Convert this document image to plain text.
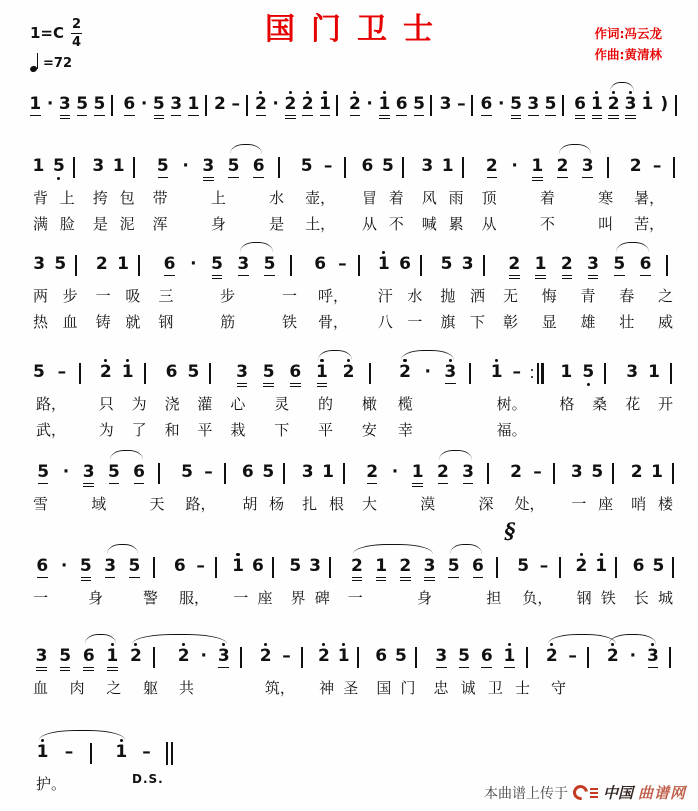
$1=C \frac{2}{4}$
=72
国门卫士	作词:冯云龙
作曲:黄清林
1 · 3 5 5 6 · 5 3 1 2 – 2 · 2 2 1 2 · 1 6 5 3 – 6 · 5 3 5 6 1 2 3 1 )
1 5
背 上
满 脸
3 1
挎 包
是 泥
5 · 3 5 6
带	上	水
浑	身	是
5 –
壶，
土，
6 5
冒 着
从 不
3 1
风 雨
喊 累
2 · 1 2 3
顶	着	寒
从	不	叫
2 –
暑，
苦，
3 5
两 步
热 血
2 1
一 吸
铸 就
6 · 5 3 5
三	步	一
钢	筋	铁
6 –
呼，
骨，
1 6
汗 水
八 一
5 3
抛 洒
旗 下
2 1 2 3 5 6
无 悔 青 春 之
彰 显 雄 壮 威
5 –
路，
武，
2 1
只 为
为 了
6 5
浇 灌
和 平
3 5 6 1 2
心 灵 的 橄
栽 下 平 安
2 · 3
榄
幸
1 –
树。
福。
1 5
格 桑
3 1
花 开
5 · 3 5 6
雪	域	天
5 –
路，
6 5
胡 杨
3 1
扎 根
2 · 1 2 3
大	漠	深
2 –
处，
3 5
一 座
2 1
哨 楼
6 · 5 3 5
一	身	警
6 –
服，
1 6
一 座
5 3
界 碑
2 1 2 3 5 6
一	身	担
5 –
负，
2 1
钢 铁
6 5
长 城
§
3 5 6 1 2
血 肉 之 躯
2 · 3
共
2 –
筑，
2 1
神 圣
6 5
国 门
3 5 6 1
忠 诚 卫 士
2 –
守
2 · 3
1 –
护。
1 –
D.S.
本曲谱上传于 中国 曲谱网
